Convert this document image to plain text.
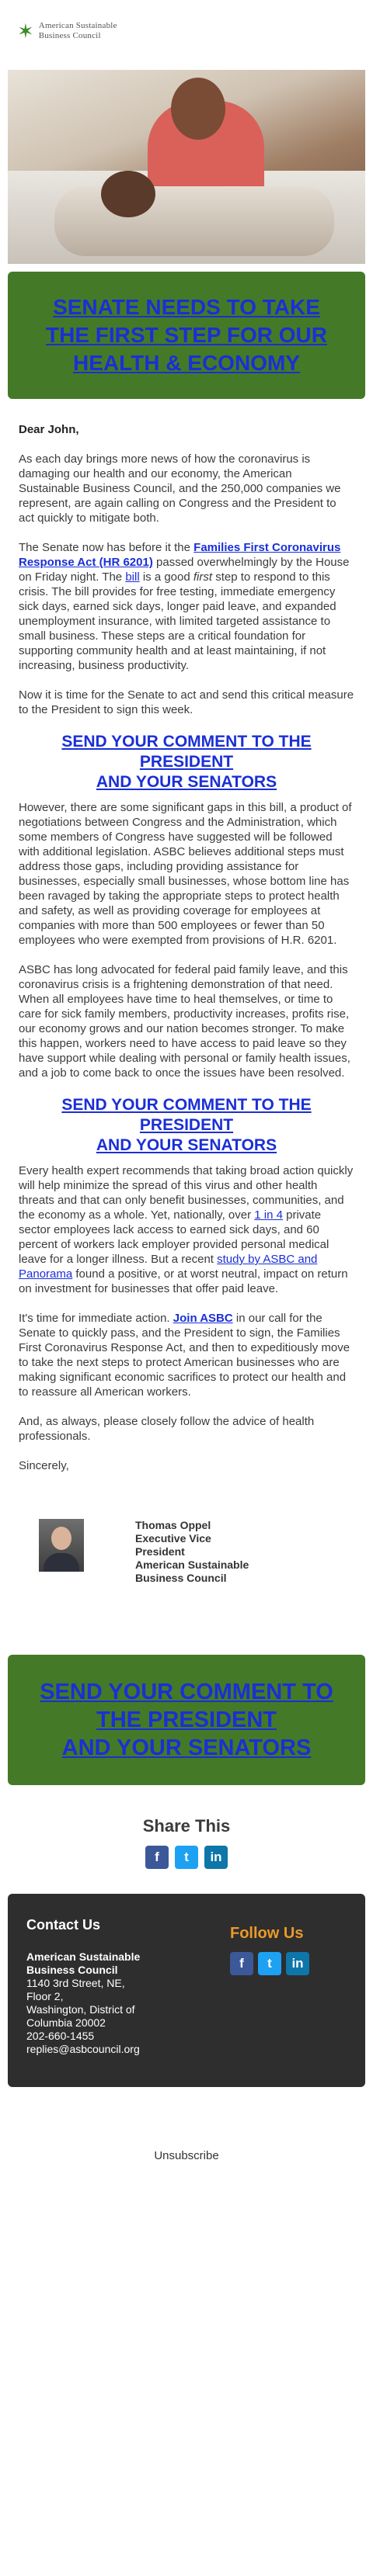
✶ American Sustainable
Business Council
SENATE NEEDS TO TAKE
THE FIRST STEP FOR OUR
HEALTH & ECONOMY

Dear John,

As each day brings more news of how the coronavirus is damaging our health and our economy, the American Sustainable Business Council, and the 250,000 companies we represent, are again calling on Congress and the President to act quickly to mitigate both.

The Senate now has before it the Families First Coronavirus Response Act (HR 6201) passed overwhelmingly by the House on Friday night. The bill is a good first step to respond to this crisis. The bill provides for free testing, immediate emergency sick days, earned sick days, longer paid leave, and expanded unemployment insurance, with limited targeted assistance to small business. These steps are a critical foundation for supporting community health and at least maintaining, if not increasing, business productivity.

Now it is time for the Senate to act and send this critical measure to the President to sign this week.

SEND YOUR COMMENT TO THE PRESIDENT
AND YOUR SENATORS

However, there are some significant gaps in this bill, a product of negotiations between Congress and the Administration, which some members of Congress have suggested will be followed with additional legislation. ASBC believes additional steps must address those gaps, including providing assistance for businesses, especially small businesses, whose bottom line has been ravaged by taking the appropriate steps to protect health and safety, as well as providing coverage for employees at companies with more than 500 employees or fewer than 50 employees who were exempted from provisions of H.R. 6201.

ASBC has long advocated for federal paid family leave, and this coronavirus crisis is a frightening demonstration of that need. When all employees have time to heal themselves, or time to care for sick family members, productivity increases, profits rise, our economy grows and our nation becomes stronger. To make this happen, workers need to have access to paid leave so they have support while dealing with personal or family health issues, and a job to come back to once the issues have been resolved.

SEND YOUR COMMENT TO THE PRESIDENT
AND YOUR SENATORS

Every health expert recommends that taking broad action quickly will help minimize the spread of this virus and other health threats and that can only benefit businesses, communities, and the economy as a whole. Yet, nationally, over 1 in 4 private sector employees lack access to earned sick days, and 60 percent of workers lack employer provided personal medical leave for a longer illness. But a recent study by ASBC and Panorama found a positive, or at worst neutral, impact on return on investment for businesses that offer paid leave.

It's time for immediate action. Join ASBC in our call for the Senate to quickly pass, and the President to sign, the Families First Coronavirus Response Act, and then to expeditiously move to take the next steps to protect American businesses who are making significant economic sacrifices to protect our health and to reassure all American workers.

And, as always, please closely follow the advice of health professionals.

Sincerely,

Thomas Oppel
Executive Vice
President
American Sustainable
Business Council
SEND YOUR COMMENT TO
THE PRESIDENT
AND YOUR SENATORS
Share This
f	t	in
Contact Us
American Sustainable
Business Council
1140 3rd Street, NE,
Floor 2,
Washington, District of
Columbia 20002
202-660-1455
replies@asbcouncil.org
Follow Us
f	t	in
Unsubscribe
